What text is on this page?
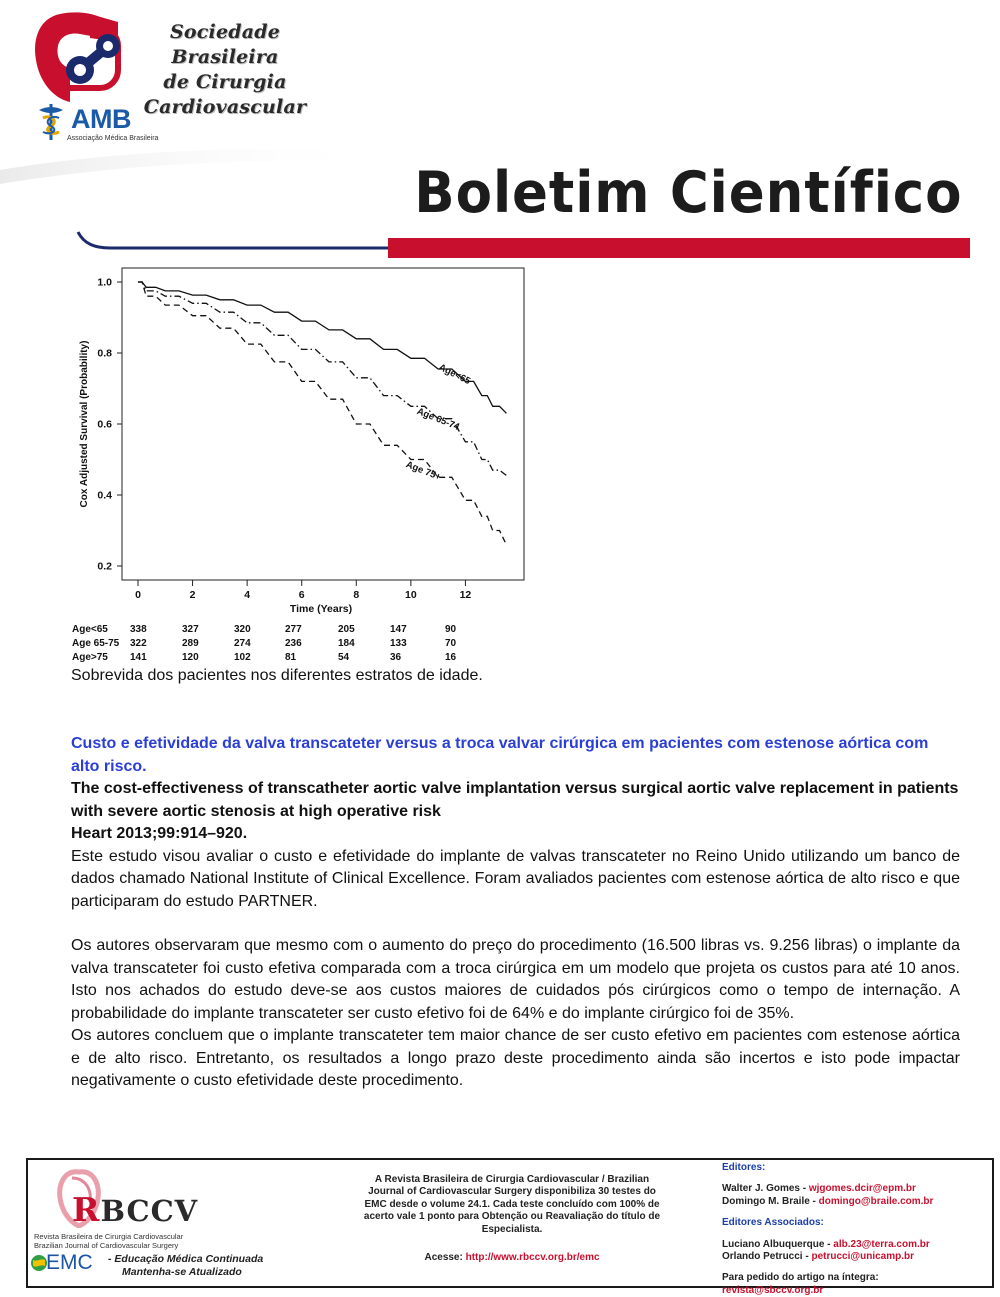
Sociedade Brasileira
de Cirurgia
Cardiovascular
AMB
Associação Médica Brasileira
Boletim Científico
0.2
0.4
0.6
0.8
1.0
0	2	4	6	8	10	12
Age<65
Age 65-74
Age 75+
Cox Adjusted Survival (Probability)
Time (Years)
Age<65 338	327	320	277	205	147	90
Age 65-75 322	289	274	236	184	133	70
Age>75 141	120	102	81	54	36	16
Sobrevida dos pacientes nos diferentes estratos de idade.

Custo e efetividade da valva transcateter versus a troca valvar cirúrgica em pacientes com estenose aórtica com alto risco.

The cost-effectiveness of transcatheter aortic valve implantation versus surgical aortic valve replacement in patients with severe aortic stenosis at high operative risk

Heart 2013;99:914–920.

Este estudo visou avaliar o custo e efetividade do implante de valvas transcateter no Reino Unido utilizando um banco de dados chamado National Institute of Clinical Excellence. Foram avaliados pacientes com estenose aórtica de alto risco e que participaram do estudo PARTNER.

Os autores observaram que mesmo com o aumento do preço do procedimento (16.500 libras vs. 9.256 libras) o implante da valva transcateter foi custo efetiva comparada com a troca cirúrgica em um modelo que projeta os custos para até 10 anos. Isto nos achados do estudo deve-se aos custos maiores de cuidados pós cirúrgicos como o tempo de internação. A probabilidade do implante transcateter ser custo efetivo foi de 64% e do implante cirúrgico foi de 35%.

Os autores concluem que o implante transcateter tem maior chance de ser custo efetivo em pacientes com estenose aórtica e de alto risco. Entretanto, os resultados a longo prazo deste procedimento ainda são incertos e isto pode impactar negativamente o custo efetividade deste procedimento.

RBCCV
Revista Brasileira de Cirurgia Cardiovascular
Brazilian Journal of Cardiovascular Surgery
EMC - Educação Médica Continuada
Mantenha-se Atualizado
A Revista Brasileira de Cirurgia Cardiovascular / Brazilian Journal of Cardiovascular Surgery disponibiliza 30 testes do EMC desde o volume 24.1. Cada teste concluído com 100% de acerto vale 1 ponto para Obtenção ou Reavaliação do título de Especialista.
Acesse: http://www.rbccv.org.br/emc
Editores:
Walter J. Gomes - wjgomes.dcir@epm.br
Domingo M. Braile - domingo@braile.com.br
Editores Associados:
Luciano Albuquerque - alb.23@terra.com.br
Orlando Petrucci - petrucci@unicamp.br
Para pedido do artigo na íntegra:
revista@sbccv.org.br
